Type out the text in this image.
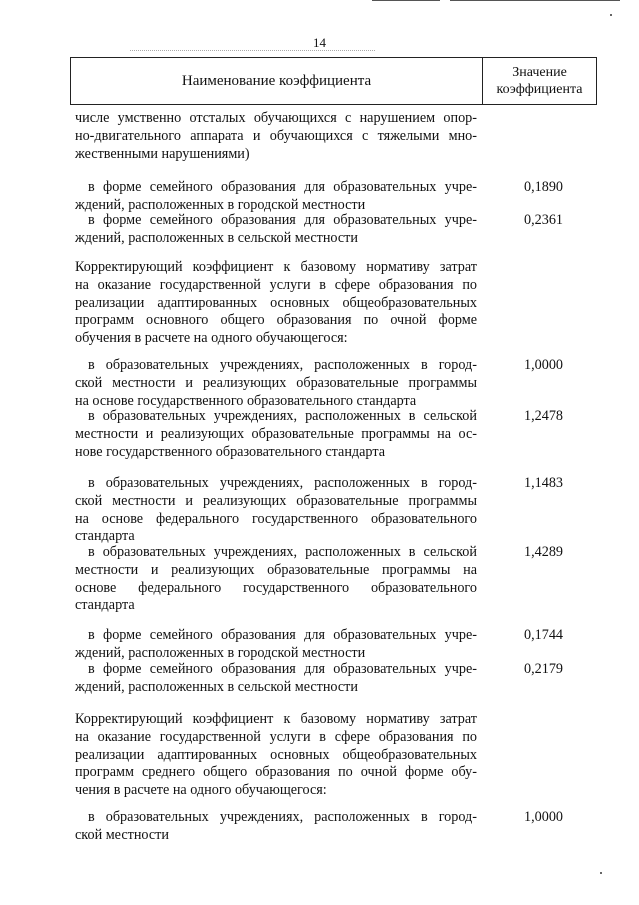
14
Наименование коэффициента	Значение коэффициента
числе умственно отсталых обучающихся с нарушением опор-
но-двигательного аппарата и обучающихся с тяжелыми мно-
жественными нарушениями)
в форме семейного образования для образовательных учре-
ждений, расположенных в городской местности
0,1890
в форме семейного образования для образовательных учре-
ждений, расположенных в сельской местности
0,2361
Корректирующий коэффициент к базовому нормативу затрат
на оказание государственной услуги в сфере образования по
реализации адаптированных основных общеобразовательных
программ основного общего образования по очной форме
обучения в расчете на одного обучающегося:
в образовательных учреждениях, расположенных в город-
ской местности и реализующих образовательные программы
на основе государственного образовательного стандарта
1,0000
в образовательных учреждениях, расположенных в сельской
местности и реализующих образовательные программы на ос-
нове государственного образовательного стандарта
1,2478
в образовательных учреждениях, расположенных в город-
ской местности и реализующих образовательные программы
на основе федерального государственного образовательного
стандарта
1,1483
в образовательных учреждениях, расположенных в сельской
местности и реализующих образовательные программы на
основе федерального государственного образовательного
стандарта
1,4289
в форме семейного образования для образовательных учре-
ждений, расположенных в городской местности
0,1744
в форме семейного образования для образовательных учре-
ждений, расположенных в сельской местности
0,2179
Корректирующий коэффициент к базовому нормативу затрат
на оказание государственной услуги в сфере образования по
реализации адаптированных основных общеобразовательных
программ среднего общего образования по очной форме обу-
чения в расчете на одного обучающегося:
в образовательных учреждениях, расположенных в город-
ской местности
1,0000
